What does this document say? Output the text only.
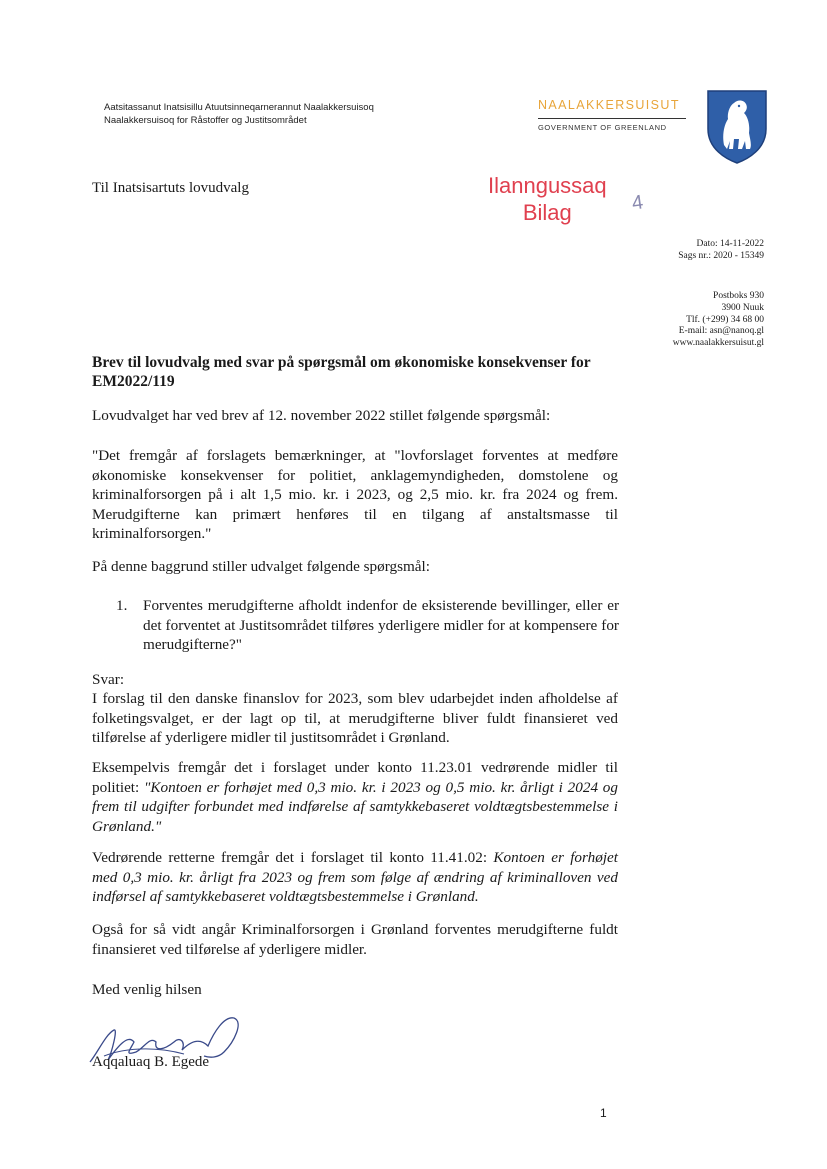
Aatsitassanut Inatsisillu Atuutsinneqarnerannut Naalakkersuisoq
Naalakkersuisoq for Råstoffer og Justitsområdet
NAALAKKERSUISUT
GOVERNMENT OF GREENLAND
Til Inatsisartuts lovudvalg	Ilanngussaq
Bilag	4
Dato: 14-11-2022
Sags nr.: 2020 - 15349
Postboks 930
3900 Nuuk
Tlf. (+299) 34 68 00
E-mail: asn@nanoq.gl
www.naalakkersuisut.gl
Brev til lovudvalg med svar på spørgsmål om økonomiske konsekvenser for EM2022/119
Lovudvalget har ved brev af 12. november 2022 stillet følgende spørgsmål:
"Det fremgår af forslagets bemærkninger, at "lovforslaget forventes at medføre økonomiske konsekvenser for politiet, anklagemyndigheden, domstolene og kriminalforsorgen på i alt 1,5 mio. kr. i 2023, og 2,5 mio. kr. fra 2024 og frem. Merudgifterne kan primært henføres til en tilgang af anstaltsmasse til kriminalforsorgen."
På denne baggrund stiller udvalget følgende spørgsmål:
1. Forventes merudgifterne afholdt indenfor de eksisterende bevillinger, eller er det forventet at Justitsområdet tilføres yderligere midler for at kompensere for merudgifterne?"
Svar:
I forslag til den danske finanslov for 2023, som blev udarbejdet inden afholdelse af folketingsvalget, er der lagt op til, at merudgifterne bliver fuldt finansieret ved tilførelse af yderligere midler til justitsområdet i Grønland.
Eksempelvis fremgår det i forslaget under konto 11.23.01 vedrørende midler til politiet: "Kontoen er forhøjet med 0,3 mio. kr. i 2023 og 0,5 mio. kr. årligt i 2024 og frem til udgifter forbundet med indførelse af samtykkebaseret voldtægtsbestemmelse i Grønland."
Vedrørende retterne fremgår det i forslaget til konto 11.41.02: Kontoen er forhøjet med 0,3 mio. kr. årligt fra 2023 og frem som følge af ændring af kriminalloven ved indførsel af samtykkebaseret voldtægtsbestemmelse i Grønland.
Også for så vidt angår Kriminalforsorgen i Grønland forventes merudgifterne fuldt finansieret ved tilførelse af yderligere midler.
Med venlig hilsen
Aqqaluaq B. Egede
1
